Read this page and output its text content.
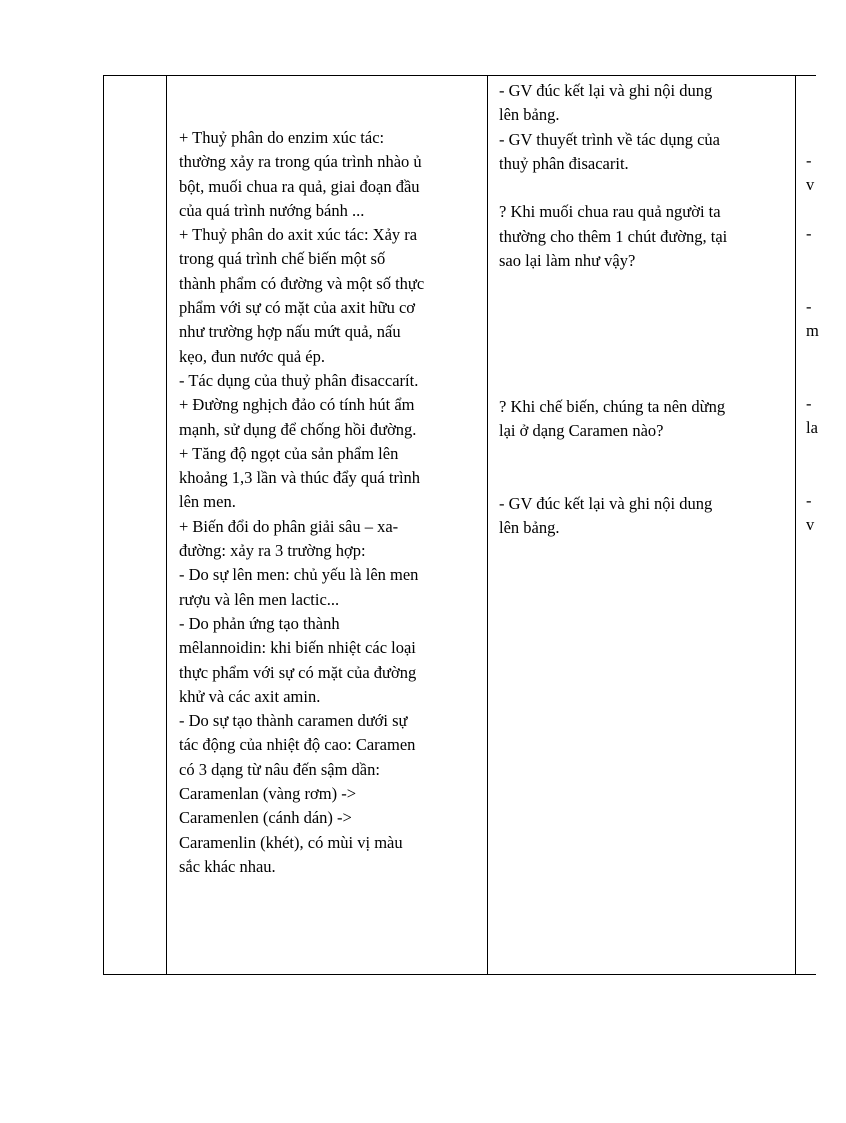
+ Thuỷ phân do enzim xúc tác:

thường xảy ra trong qúa trình nhào ủ

bột, muối chua ra quả, giai đoạn đầu

của quá trình nướng bánh ...

+ Thuỷ phân do axit xúc tác: Xảy ra

trong quá trình chế biến một số

thành phẩm có đường và một số thực

phẩm với sự có mặt của axit hữu cơ

như trường hợp nấu mứt quả, nấu

kẹo, đun nước quả ép.

- Tác dụng của thuỷ phân đisaccarít.

+ Đường nghịch đảo có tính hút ẩm

mạnh, sử dụng để chống hồi đường.

+ Tăng độ ngọt của sản phẩm lên

khoảng 1,3 lần và thúc đẩy quá trình

lên men.

+ Biến đổi do phân giải sâu – xa-

đường: xảy ra 3 trường hợp:

- Do sự lên men: chủ yếu là lên men

rượu và lên men lactic...

- Do phản ứng tạo thành

mêlannoidin: khi biến nhiệt các loại

thực phẩm với sự có mặt của đường

khử và các axit amin.

- Do sự tạo thành caramen dưới sự

tác động của nhiệt độ cao: Caramen

có 3 dạng từ nâu đến sậm dần:

Caramenlan (vàng rơm) ->

Caramenlen (cánh dán) ->

Caramenlin (khét), có mùi vị màu

sắc khác nhau.

- GV đúc kết lại và ghi nội dung

lên bảng.

- GV thuyết trình về tác dụng của

thuỷ phân đisacarit.

? Khi muối chua rau quả người ta

thường cho thêm 1 chút đường, tại

sao lại làm như vậy?

? Khi chế biến, chúng ta nên dừng

lại ở dạng Caramen nào?

- GV đúc kết lại và ghi nội dung

lên bảng.

-

v

-

-

m

-

la

-

v
